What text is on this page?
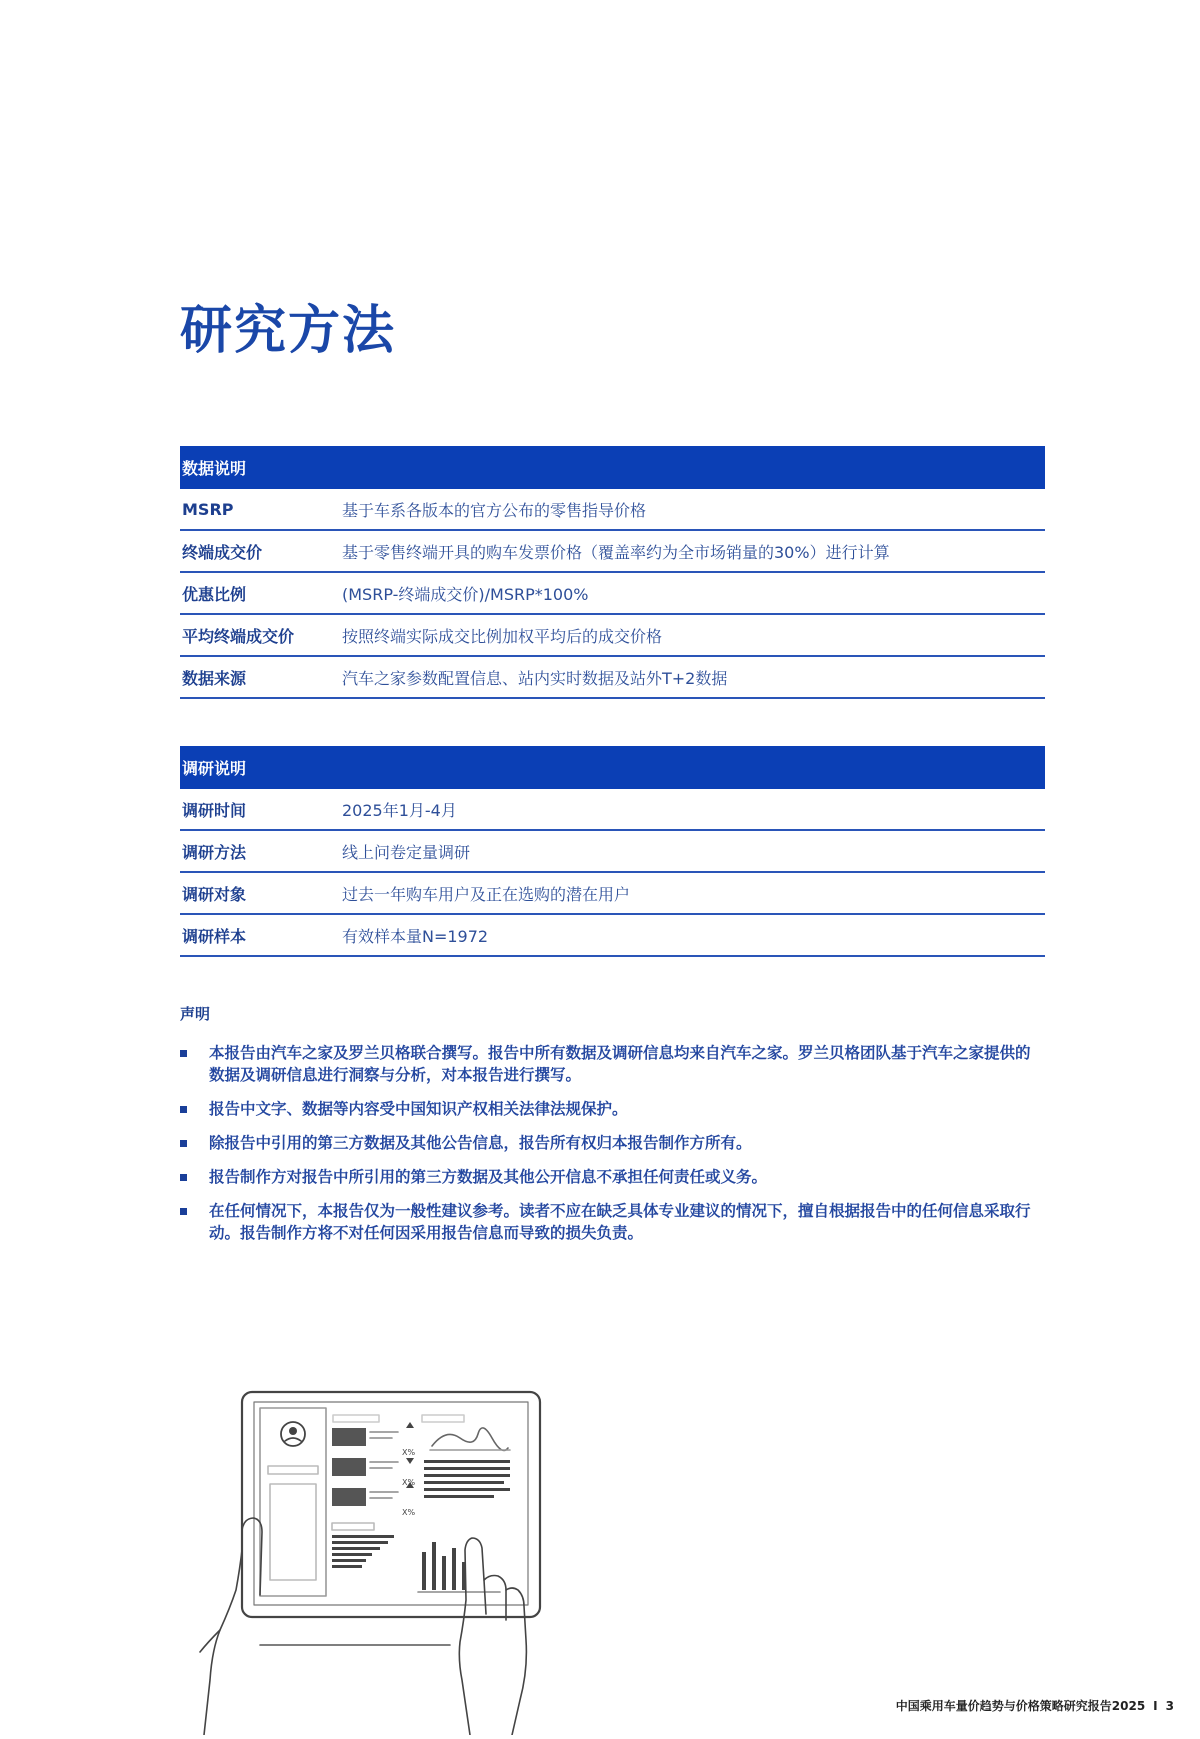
研究方法
数据说明
MSRP	基于车系各版本的官方公布的零售指导价格
终端成交价	基于零售终端开具的购车发票价格（覆盖率约为全市场销量的30%）进行计算
优惠比例	(MSRP-终端成交价)/MSRP*100%
平均终端成交价	按照终端实际成交比例加权平均后的成交价格
数据来源	汽车之家参数配置信息、站内实时数据及站外T+2数据
调研说明
调研时间	2025年1月-4月
调研方法	线上问卷定量调研
调研对象	过去一年购车用户及正在选购的潜在用户
调研样本	有效样本量N=1972
声明
本报告由汽车之家及罗兰贝格联合撰写。报告中所有数据及调研信息均来自汽车之家。罗兰贝格团队基于汽车之家提供的数据及调研信息进行洞察与分析，对本报告进行撰写。
报告中文字、数据等内容受中国知识产权相关法律法规保护。
除报告中引用的第三方数据及其他公告信息，报告所有权归本报告制作方所有。
报告制作方对报告中所引用的第三方数据及其他公开信息不承担任何责任或义务。
在任何情况下，本报告仅为一般性建议参考。读者不应在缺乏具体专业建议的情况下，擅自根据报告中的任何信息采取行动。报告制作方将不对任何因采用报告信息而导致的损失负责。
X%
X%
X%
中国乘用车量价趋势与价格策略研究报告2025 I 3
